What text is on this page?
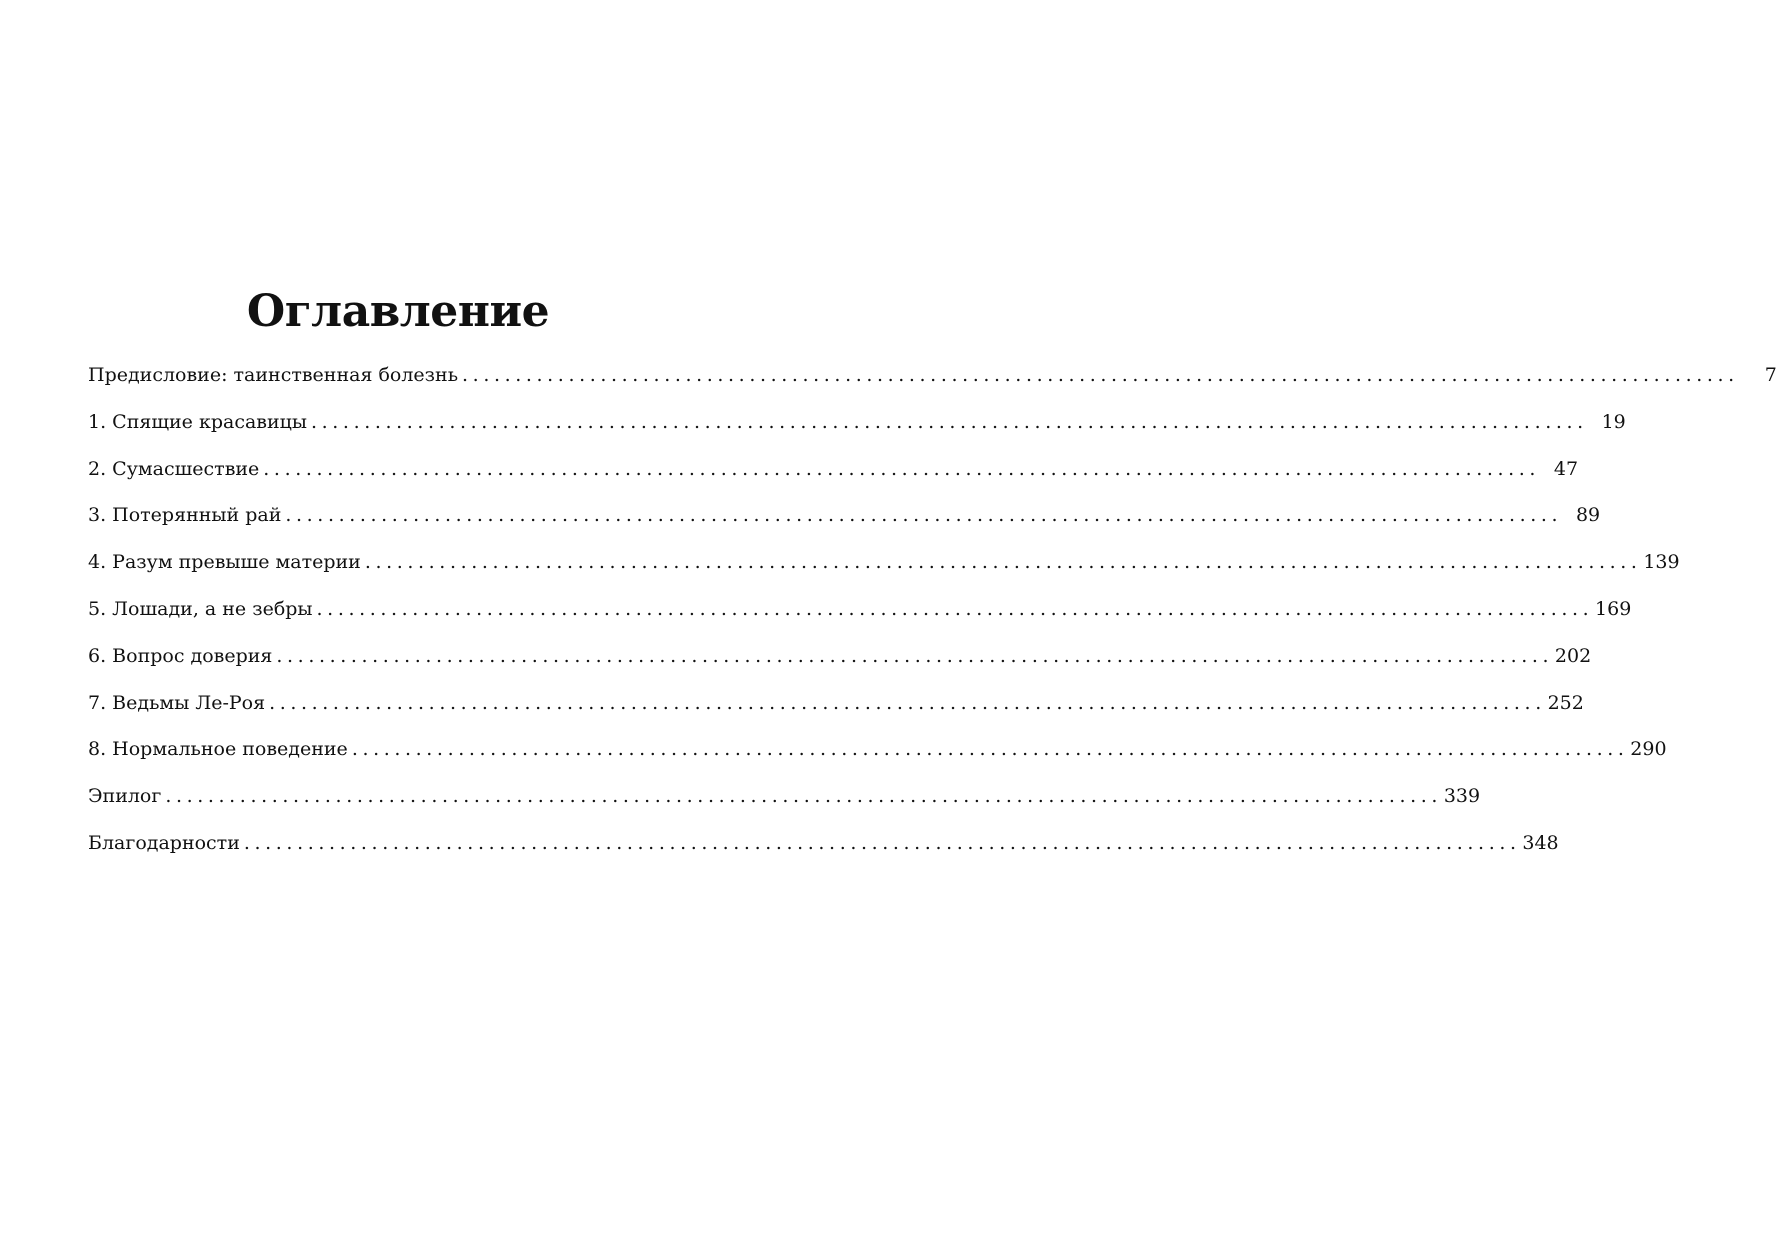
Оглавление
Предисловие: таинственная болезнь ........................................................................................................................	7
1. Спящие красавицы ........................................................................................................................ 19
2. Сумасшествие ........................................................................................................................ 47
3. Потерянный рай ........................................................................................................................ 89
4. Разум превыше материи ........................................................................................................................ 139
5. Лошади, а не зебры ........................................................................................................................ 169
6. Вопрос доверия ........................................................................................................................ 202
7. Ведьмы Ле-Роя ........................................................................................................................ 252
8. Нормальное поведение ........................................................................................................................ 290
Эпилог ........................................................................................................................ 339
Благодарности ........................................................................................................................ 348
